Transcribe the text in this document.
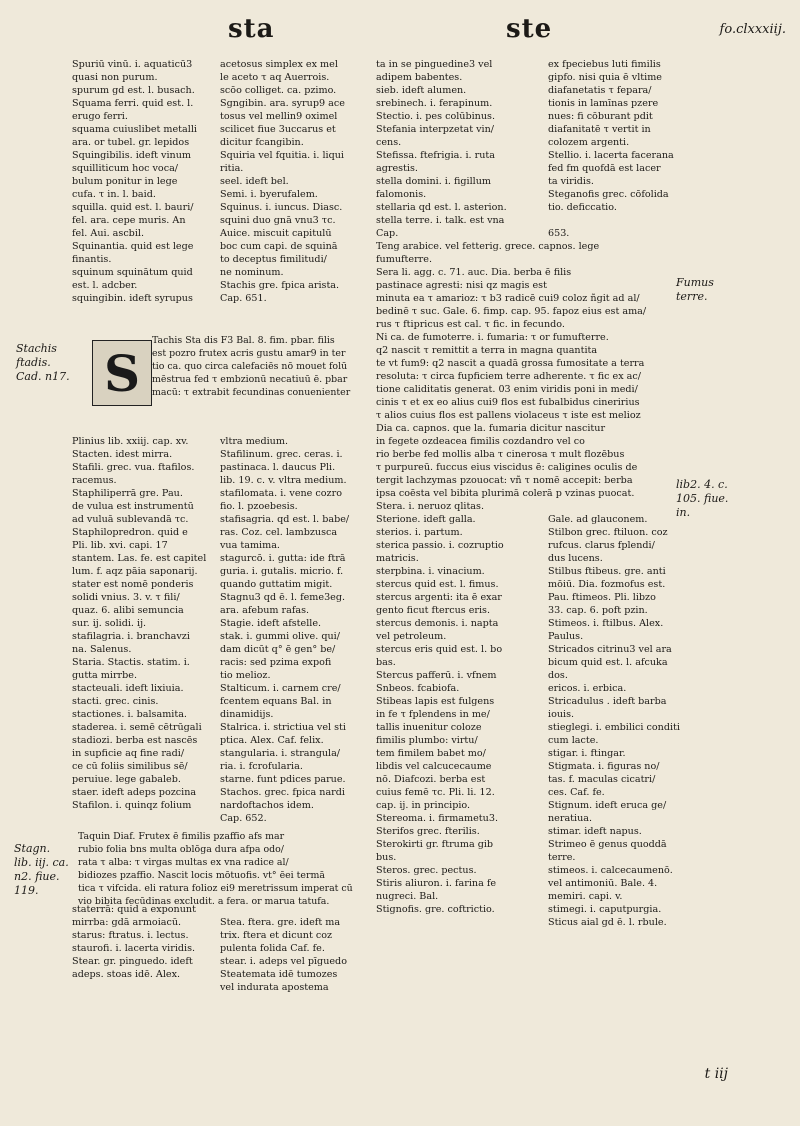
sta	ste	fo.clxxxiij.

Stachis

ftadis.

Cad. n17.

Stagn.

lib. iij. ca.

n2. fiue.

119.

Fumus

terre.

lib2. 4. c.

105. fiue.

in.

Spuriū vinū. i. aquaticū3

quasi non purum.

spurum gd est. l. busach.

Squama ferri. quid est. l.

erugo ferri.

squama cuiuslibet metalli

ara. or tubel. gr. lepidos

Squingibilis. ideft vinum

squilliticum hoc voca/

bulum ponitur in lege

cufa. τ in. l. baid.

squilla. quid est. l. bauri/

fel. ara. cepe muris. An

fel. Aui. ascbil.

Squinantia. quid est lege

finantis.

squinum squinātum quid

est. l. adcber.

squingibin. ideft syrupus

Plinius lib. xxiij. cap. xv.

Stacten. idest mirra.

Stafili. grec. vua. ftafilos.

racemus.

Staphiliperrā gre. Pau.

de vulua est instrumentū

ad vuluā sublevandā τc.

Staphilopredron. quid e

Pli. lib. xvi. capi. 17

stantem. Las. fe. est capitel

lum. f. aqz pāia saponarij.

stater est nomē ponderis

solidi vnius. 3. v. τ fili/

quaz. 6. alibi semuncia

sur. ij. solidi. ij.

stafilagria. i. branchavzi

na. Salenus.

Staria. Stactis. statim. i.

gutta mirrbe.

stacteuali. ideft lixiuia.

stacti. grec. cinis.

stactiones. i. balsamita.

staderea. i. semē cētrūgali

stadiozi. berba est nascēs

in supficie aq fine radi/

ce cū foliis similibus sē/

peruiue. lege gabaleb.

staer. ideft adeps pozcina

Stafilon. i. quinqz folium

staterrā: quid a exponunt

mirrba: gdā armoiacū.

starus: ftratus. i. lectus.

staurofi. i. lacerta viridis.

Stear. gr. pinguedo. ideft

adeps. stoas idē. Alex.

acetosus simplex ex mel

le aceto τ aq Auerrois.

scōo colliget. ca. pzimo.

Sgngibin. ara. syrup9 ace

tosus vel mellin9 oximel

scilicet fiue 3uccarus et

dicitur fcangibin.

Squiria vel fquitia. i. liqui

ritia.

seel. ideft bel.

Semi. i. byerufalem.

Squinus. i. iuncus. Diasc.

squini duo gnā vnu3 τc.

Auice. miscuit capitulū

boc cum capi. de squinā

to deceptus fimilitudi/

ne nominum.

Stachis gre. fpica arista.

Cap. 651.

vltra medium.

Stafilinum. grec. ceras. i.

pastinaca. l. daucus Pli.

lib. 19. c. v. vltra medium.

stafilomata. i. vene cozro

fio. l. pzoebesis.

stafisagria. qd est. l. babe/

ras. Coz. cel. lambzusca

vua tamima.

stagurcō. i. gutta: ide ftrā

guria. i. gutalis. micrio. f.

quando guttatim migit.

Stagnu3 qd ē. l. feme3eg.

ara. afebum rafas.

Stagie. ideft afstelle.

stak. i. gummi olive. qui/

dam dicūt q° ē gen° be/

racis: sed pzima expofi

tio melioz.

Stalticum. i. carnem cre/

fcentem equans Bal. in

dinamidijs.

Stalrica. i. strictiua vel sti

ptica. Alex. Caf. felix.

stangularia. i. strangula/

ria. i. fcrofularia.

starne. funt pdices parue.

Stachos. grec. fpica nardi

nardoftachos idem.

Cap. 652.

Stea. ftera. gre. ideft ma

trix. ftera et dicunt coz

pulenta folida Caf. fe.

stear. i. adeps vel pīguedo

Steatemata idē tumozes

vel indurata apostema

ta in se pinguedine3 vel

adipem babentes.

sieb. ideft alumen.

srebinech. i. ferapinum.

Stectio. i. pes colūbinus.

Stefania interpzetat vin/

cens.

Stefissa. ftefrigia. i. ruta

agrestis.

stella domini. i. figillum

falomonis.

stellaria qd est. l. asterion.

stella terre. i. talk. est vna

Cap.

Teng arabice. vel fetterig. grece. capnos. lege

fumufterre.

Sera li. agg. c. 71. auc. Dia. berba ē filis

pastinace agresti: nisi qz magis est

minuta ea τ amarioz: τ b3 radicē cui9 coloz ñgit ad al/

bedinē τ suc. Gale. 6. fimp. cap. 95. fapoz eius est ama/

rus τ ftipricus est cal. τ fic. in fecundo.

Ni ca. de fumoterre. i. fumaria: τ or fumufterre.

q2 nascit τ remittit a terra in magna quantita

te vt fum9: q2 nascit a quadā grossa fumositate a terra

resoluta: τ circa fupficiem terre adherente. τ fic ex ac/

tione caliditatis generat. 03 enim viridis poni in medi/

cinis τ et ex eo alius cui9 flos est fubalbidus cineririus

τ alios cuius flos est pallens violaceus τ iste est melioz

Dia ca. capnos. que la. fumaria dicitur nascitur

in fegete ozdeacea fimilis cozdandro vel co

rio berbe fed mollis alba τ cinerosa τ mult flozēbus

τ purpureū. fuccus eius viscidus ē: caligines oculis de

tergit lachzymas pzouocat: vñ τ nomē accepit: berba

ipsa coēsta vel bibita plurimā colerā p vzinas puocat.

Stera. i. neruoz qlitas.

Sterione. ideft galla.

sterios. i. partum.

sterica passio. i. cozruptio

matricis.

sterpbina. i. vinacium.

stercus quid est. l. fimus.

stercus argenti: ita ē exar

gento ficut ftercus eris.

stercus demonis. i. napta

vel petroleum.

stercus eris quid est. l. bo

bas.

Stercus pafferū. i. vfnem

Snbeos. fcabiofa.

Stibeas lapis est fulgens

in fe τ fplendens in me/

tallis inuenitur coloze

fimilis plumbo: virtu/

tem fimilem babet mo/

libdis vel calcucecaume

nō. Diafcozi. berba est

cuius femē τc. Pli. li. 12.

cap. ij. in principio.

Stereoma. i. firmametu3.

Sterifos grec. fterilis.

Sterokirti gr. ftruma gib

bus.

Steros. grec. pectus.

Stiris aliuron. i. farina fe

nugreci. Bal.

Stignofis. gre. coftrictio.

ex fpeciebus luti fimilis

gipfo. nisi quia ē vltime

diafanetatis τ fepara/

tionis in lamīnas pzere

nues: fi cōburant pdit

diafanitatē τ vertit in

colozem argenti.

Stellio. i. lacerta facerana

fed fm quofdā est lacer

ta viridis.

Steganofis grec. cōfolida

tio. deficcatio.

653.

Gale. ad glauconem.

Stilbon grec. ftiluon. coz

rufcus. clarus fplendi/

dus lucens.

Stilbus ftibeus. gre. anti

mōiū. Dia. fozmofus est.

Pau. ftimeos. Pli. libzo

33. cap. 6. poft pzin.

Stimeos. i. ftilbus. Alex.

Paulus.

Stricados citrinu3 vel ara

bicum quid est. l. afcuka

dos.

ericos. i. erbica.

Stricadulus . ideft barba

iouis.

stieglegi. i. embilici conditi

cum lacte.

stigar. i. ftingar.

Stigmata. i. figuras no/

tas. f. maculas cicatri/

ces. Caf. fe.

Stignum. ideft eruca ge/

neratiua.

stimar. ideft napus.

Strimeo ē genus quoddā

terre.

stimeos. i. calcecaumenō.

vel antimoniū. Bale. 4.

memiri. capi. v.

stimegi. i. caputpurgia.

Sticus aial gd ē. l. rbule.

Tachis Sta dis F3 Bal. 8. fim. pbar. filis

est pozro frutex acris gustu amar9 in ter

tio ca. quo circa calefaciēs nō mouet folū

mēstrua fed τ embzionū necatiuū ē. pbar

macū: τ extrabit fecundinas conuenienter

Taquin Diaf. Frutex ē fimilis pzaffio afs mar

rubio folia bns multa oblōga dura afpa odo/

rata τ alba: τ virgas multas ex vna radice al/

bidiozes pzaffio. Nascit locis mōtuofis. vt° ēei termā

tica τ vifcida. eli ratura folioz ei9 meretrissum imperat cū

vio bibita fecūdinas excludit. a fera. or marua tatufa.

S
t iij
